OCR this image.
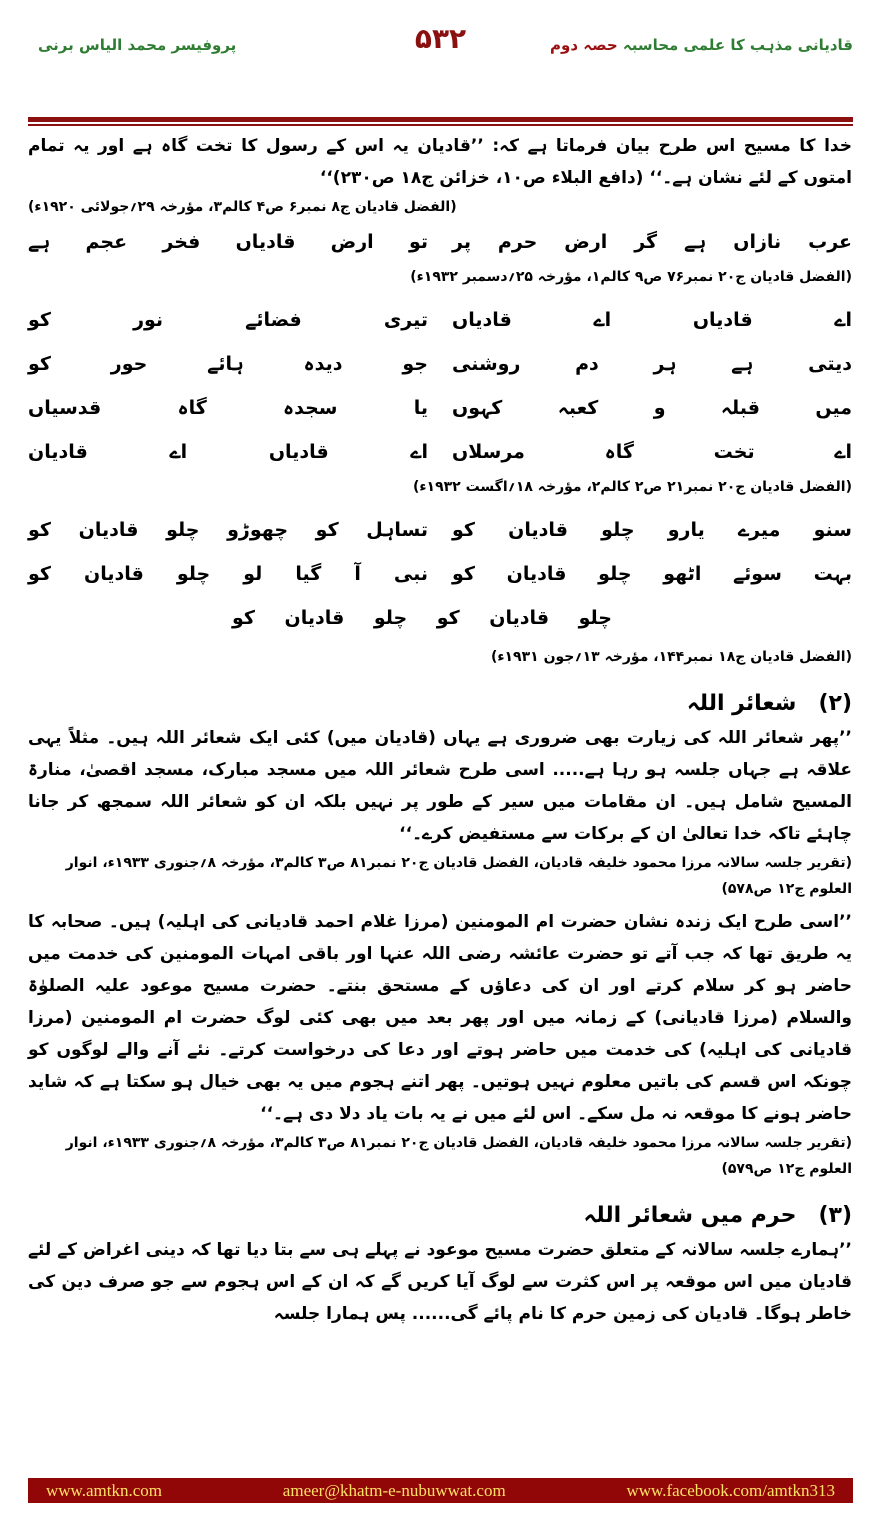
قادیانی مذہب کا علمی محاسبہ حصہ دوم
۵۳۲
پروفیسر محمد الیاس برنی

خدا کا مسیح اس طرح بیان فرماتا ہے کہ: ’’قادیان یہ اس کے رسول کا تخت گاہ ہے اور یہ تمام امتوں کے لئے نشان ہے۔‘‘ (دافع البلاء ص۱۰، خزائن ج۱۸ ص۲۳۰)‘‘

(الفضل قادیان ج۸ نمبر۶ ص۴ کالم۳، مؤرخہ ۲۹؍جولائی ۱۹۲۰ء)

عرب نازاں ہے گر ارض حرم پر
تو ارض قادیاں فخر عجم ہے

(الفضل قادیان ج۲۰ نمبر۷۶ ص۹ کالم۱، مؤرخہ ۲۵؍دسمبر ۱۹۳۲ء)

اے قادیاں اے قادیاں
تیری فضائے نور کو
دیتی ہے ہر دم روشنی
جو دیدہ ہائے حور کو
میں قبلہ و کعبہ کہوں
یا سجدہ گاہ قدسیاں
اے تخت گاہ مرسلاں
اے قادیاں اے قادیان

(الفضل قادیان ج۲۰ نمبر۲۱ ص۲ کالم۲، مؤرخہ ۱۸؍اگست ۱۹۳۲ء)

سنو میرے یارو چلو قادیان کو
تساہل کو چھوڑو چلو قادیان کو
بہت سوئے اٹھو چلو قادیان کو
نبی آ گیا لو چلو قادیان کو
چلو قادیان کو چلو قادیان کو

(الفضل قادیان ج۱۸ نمبر۱۴۴، مؤرخہ ۱۳؍جون ۱۹۳۱ء)

(۲)شعائر اللہ

’’پھر شعائر اللہ کی زیارت بھی ضروری ہے یہاں (قادیان میں) کئی ایک شعائر اللہ ہیں۔ مثلاً یہی علاقہ ہے جہاں جلسہ ہو رہا ہے..... اسی طرح شعائر اللہ میں مسجد مبارک، مسجد اقصیٰ، منارۃ المسیح شامل ہیں۔ ان مقامات میں سیر کے طور پر نہیں بلکہ ان کو شعائر اللہ سمجھ کر جانا چاہئے تاکہ خدا تعالیٰ ان کے برکات سے مستفیض کرے۔‘‘

(تقریر جلسہ سالانہ مرزا محمود خلیفہ قادیان، الفضل قادیان ج۲۰ نمبر۸۱ ص۳ کالم۳، مؤرخہ ۸؍جنوری ۱۹۳۳ء، انوار العلوم ج۱۲ ص۵۷۸)

’’اسی طرح ایک زندہ نشان حضرت ام المومنین (مرزا غلام احمد قادیانی کی اہلیہ) ہیں۔ صحابہ کا یہ طریق تھا کہ جب آتے تو حضرت عائشہ رضی اللہ عنہا اور باقی امہات المومنین کی خدمت میں حاضر ہو کر سلام کرتے اور ان کی دعاؤں کے مستحق بنتے۔ حضرت مسیح موعود علیہ الصلوٰۃ والسلام (مرزا قادیانی) کے زمانہ میں اور پھر بعد میں بھی کئی لوگ حضرت ام المومنین (مرزا قادیانی کی اہلیہ) کی خدمت میں حاضر ہوتے اور دعا کی درخواست کرتے۔ نئے آنے والے لوگوں کو چونکہ اس قسم کی باتیں معلوم نہیں ہوتیں۔ پھر اتنے ہجوم میں یہ بھی خیال ہو سکتا ہے کہ شاید حاضر ہونے کا موقعہ نہ مل سکے۔ اس لئے میں نے یہ بات یاد دلا دی ہے۔‘‘

(تقریر جلسہ سالانہ مرزا محمود خلیفہ قادیان، الفضل قادیان ج۲۰ نمبر۸۱ ص۳ کالم۳، مؤرخہ ۸؍جنوری ۱۹۳۳ء، انوار العلوم ج۱۲ ص۵۷۹)

(۳)حرم میں شعائر اللہ

’’ہمارے جلسہ سالانہ کے متعلق حضرت مسیح موعود نے پہلے ہی سے بتا دیا تھا کہ دینی اغراض کے لئے قادیان میں اس موقعہ پر اس کثرت سے لوگ آیا کریں گے کہ ان کے اس ہجوم سے جو صرف دین کی خاطر ہوگا۔ قادیان کی زمین حرم کا نام پائے گی...... پس ہمارا جلسہ

www.amtkn.com	ameer@khatm-e-nubuwwat.com	www.facebook.com/amtkn313
